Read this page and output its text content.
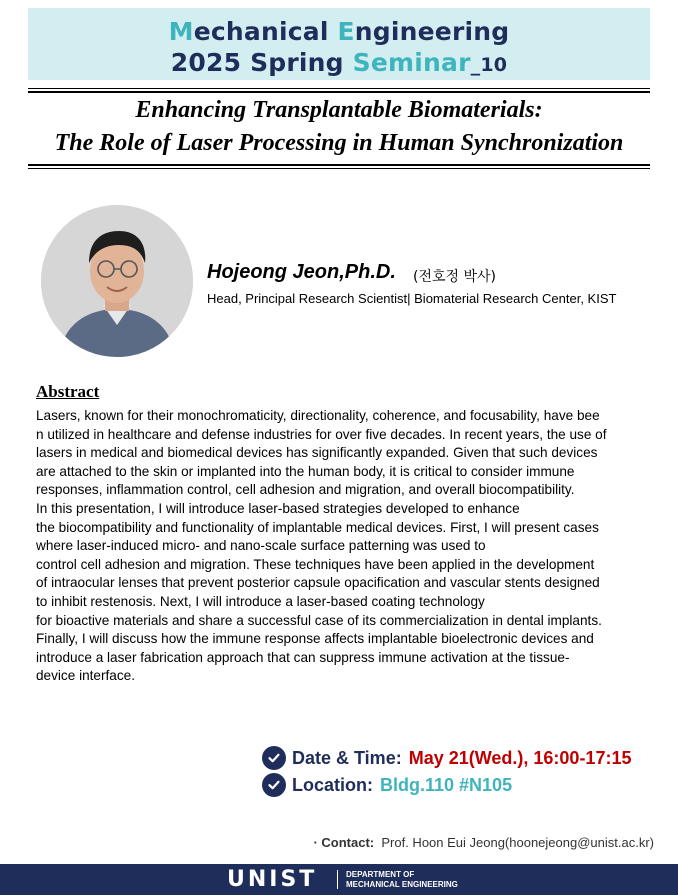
Mechanical Engineering
2025 Spring Seminar_10
Enhancing Transplantable Biomaterials:
The Role of Laser Processing in Human Synchronization
Hojeong Jeon,Ph.D. (전호정 박사)
Head, Principal Research Scientist| Biomaterial Research Center, KIST
Abstract
Lasers, known for their monochromaticity, directionality, coherence, and focusability, have bee
n utilized in healthcare and defense industries for over five decades. In recent years, the use of
lasers in medical and biomedical devices has significantly expanded. Given that such devices
are attached to the skin or implanted into the human body, it is critical to consider immune
responses, inflammation control, cell adhesion and migration, and overall biocompatibility.
In this presentation, I will introduce laser-based strategies developed to enhance
the biocompatibility and functionality of implantable medical devices. First, I will present cases
where laser-induced micro- and nano-scale surface patterning was used to
control cell adhesion and migration. These techniques have been applied in the development
of intraocular lenses that prevent posterior capsule opacification and vascular stents designed
to inhibit restenosis. Next, I will introduce a laser-based coating technology
for bioactive materials and share a successful case of its commercialization in dental implants.
Finally, I will discuss how the immune response affects implantable bioelectronic devices and
introduce a laser fabrication approach that can suppress immune activation at the tissue-
device interface.
Date & Time: May 21(Wed.), 16:00-17:15
Location: Bldg.110 #N105
· Contact: Prof. Hoon Eui Jeong(hoonejeong@unist.ac.kr)
UNIST	DEPARTMENT OF
MECHANICAL ENGINEERING
